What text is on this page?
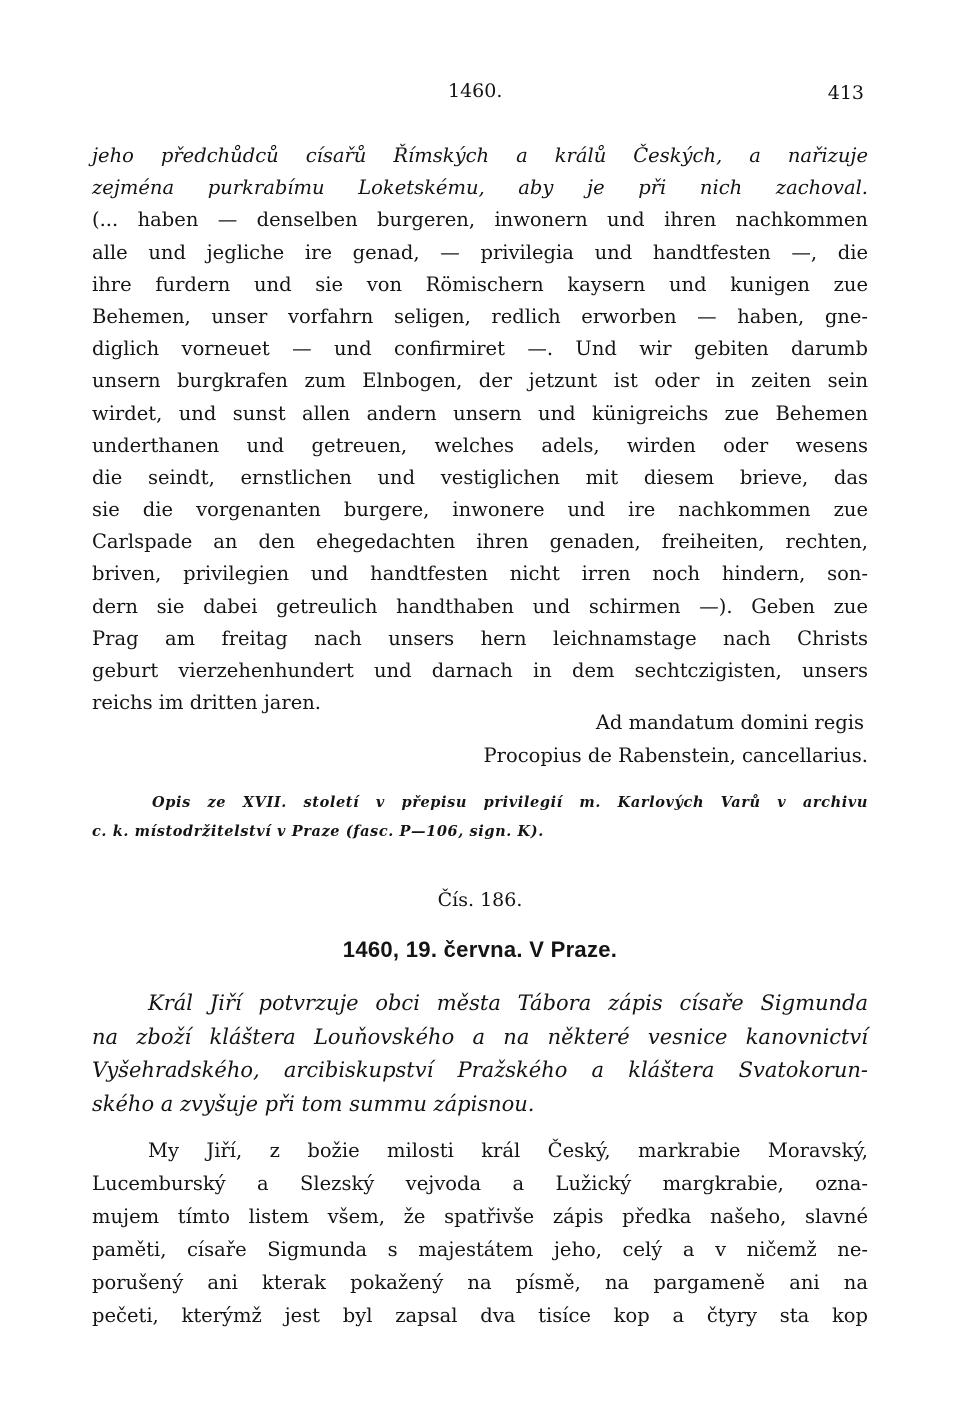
1460.	413
jeho předchůdců císařů Římských a králů Českých, a nařizuje
zejména purkrabímu Loketskému, aby je při nich zachoval.
(... haben — denselben burgeren, inwonern und ihren nachkommen
alle und jegliche ire genad, — privilegia und handtfesten —, die
ihre furdern und sie von Römischern kaysern und kunigen zue
Behemen, unser vorfahrn seligen, redlich erworben — haben, gne-
diglich vorneuet — und confirmiret —. Und wir gebiten darumb
unsern burgkrafen zum Elnbogen, der jetzunt ist oder in zeiten sein
wirdet, und sunst allen andern unsern und künigreichs zue Behemen
underthanen und getreuen, welches adels, wirden oder wesens
die seindt, ernstlichen und vestiglichen mit diesem brieve, das
sie die vorgenanten burgere, inwonere und ire nachkommen zue
Carlspade an den ehegedachten ihren genaden, freiheiten, rechten,
briven, privilegien und handtfesten nicht irren noch hindern, son-
dern sie dabei getreulich handthaben und schirmen —). Geben zue
Prag am freitag nach unsers hern leichnamstage nach Christs
geburt vierzehenhundert und darnach in dem sechtczigisten, unsers
reichs im dritten jaren.
Ad mandatum domini regis
Procopius de Rabenstein, cancellarius.
Opis ze XVII. století v přepisu privilegií m. Karlových Varů v archivu
c. k. místodržitelství v Praze (fasc. P—106, sign. K).
Čís. 186.
1460, 19. června. V Praze.
Král Jiří potvrzuje obci města Tábora zápis císaře Sigmunda
na zboží kláštera Louňovského a na některé vesnice kanovnictví
Vyšehradského, arcibiskupství Pražského a kláštera Svatokorun-
ského a zvyšuje při tom summu zápisnou.
My Jiří, z božie milosti král Český, markrabie Moravský,
Lucemburský a Slezský vejvoda a Lužický margkrabie, ozna-
mujem tímto listem všem, že spatřivše zápis předka našeho, slavné
paměti, císaře Sigmunda s majestátem jeho, celý a v ničemž ne-
porušený ani kterak pokažený na písmě, na pargameně ani na
pečeti, kterýmž jest byl zapsal dva tisíce kop a čtyry sta kop
